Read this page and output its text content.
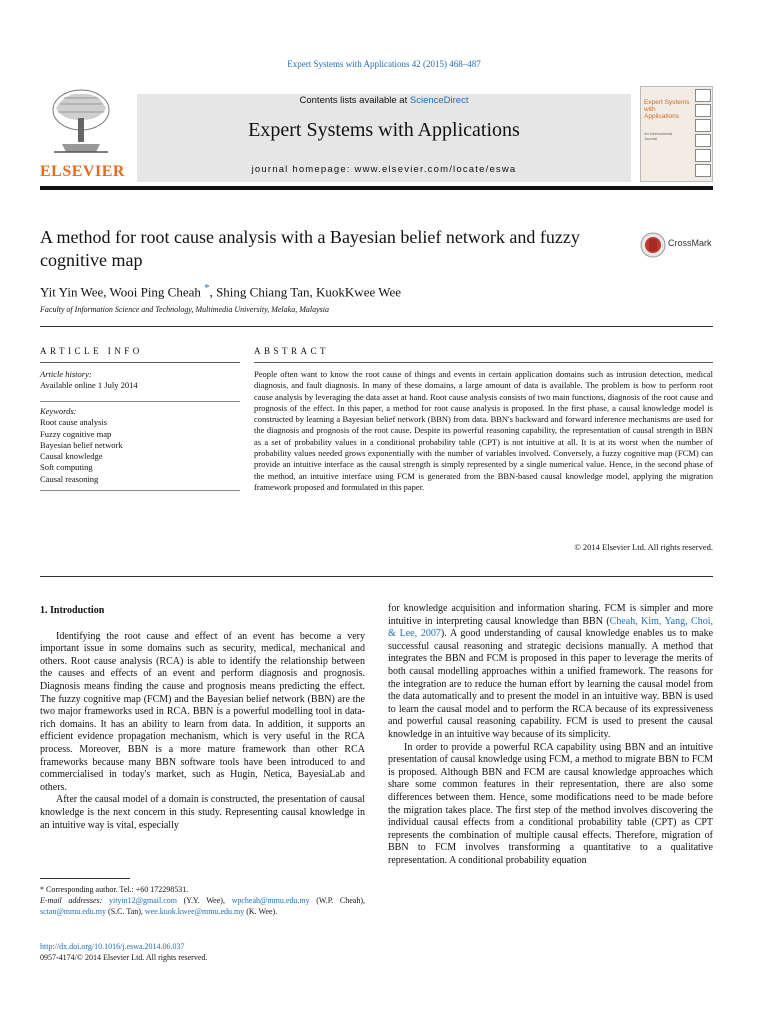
Expert Systems with Applications 42 (2015) 468–487
ELSEVIER
Contents lists available at ScienceDirect
Expert Systems with Applications
journal homepage: www.elsevier.com/locate/eswa
Expert Systems with Applications
An International Journal
A method for root cause analysis with a Bayesian belief network and fuzzy cognitive map
CrossMark
Yit Yin Wee, Wooi Ping Cheah *, Shing Chiang Tan, KuokKwee Wee
Faculty of Information Science and Technology, Multimedia University, Melaka, Malaysia
ARTICLE INFO	ABSTRACT
Article history:
Available online 1 July 2014
Keywords:
Root cause analysis
Fuzzy cognitive map
Bayesian belief network
Causal knowledge
Soft computing
Causal reasoning
People often want to know the root cause of things and events in certain application domains such as intrusion detection, medical diagnosis, and fault diagnosis. In many of these domains, a large amount of data is available. The problem is how to perform root cause analysis by leveraging the data asset at hand. Root cause analysis consists of two main functions, diagnosis of the root cause and prognosis of the effect. In this paper, a method for root cause analysis is proposed. In the first phase, a causal knowledge model is constructed by learning a Bayesian belief network (BBN) from data. BBN's backward and forward inference mechanisms are used for the diagnosis and prognosis of the root cause. Despite its powerful reasoning capability, the representation of causal strength in BBN as a set of probability values in a conditional probability table (CPT) is not intuitive at all. It is at its worst when the number of probability values needed grows exponentially with the number of variables involved. Conversely, a fuzzy cognitive map (FCM) can provide an intuitive interface as the causal strength is simply represented by a single numerical value. Hence, in the second phase of the method, an intuitive interface using FCM is generated from the BBN-based causal knowledge model, applying the migration framework proposed and formulated in this paper.
© 2014 Elsevier Ltd. All rights reserved.
1. Introduction

Identifying the root cause and effect of an event has become a very important issue in some domains such as security, medical, mechanical and others. Root cause analysis (RCA) is able to identify the relationship between the causes and effects of an event and perform diagnosis and prognosis. Diagnosis means finding the cause and prognosis means predicting the effect. The fuzzy cognitive map (FCM) and the Bayesian belief network (BBN) are the two major frameworks used in RCA. BBN is a powerful modelling tool in data-rich domains. It has an ability to learn from data. In addition, it supports an efficient evidence propagation mechanism, which is very useful in the RCA process. Moreover, BBN is a more mature framework than other RCA frameworks because many BBN software tools have been introduced to and commercialised in today's market, such as Hugin, Netica, BayesiaLab and others.

After the causal model of a domain is constructed, the presentation of causal knowledge is the next concern in this study. Representing causal knowledge in an intuitive way is vital, especially

for knowledge acquisition and information sharing. FCM is simpler and more intuitive in interpreting causal knowledge than BBN (Cheah, Kim, Yang, Choi, & Lee, 2007). A good understanding of causal knowledge enables us to make successful causal reasoning and strategic decisions manually. A method that integrates the BBN and FCM is proposed in this paper to leverage the merits of both causal modelling approaches within a unified framework. The reasons for the integration are to reduce the human effort by learning the causal model from the data automatically and to present the model in an intuitive way. BBN is used to learn the causal model and to perform the RCA because of its expressiveness and powerful causal reasoning capability. FCM is used to present the causal knowledge in an intuitive way because of its simplicity.

In order to provide a powerful RCA capability using BBN and an intuitive presentation of causal knowledge using FCM, a method to migrate BBN to FCM is proposed. Although BBN and FCM are causal knowledge approaches which share some common features in their representation, there are also some differences between them. Hence, some modifications need to be made before the migration takes place. The first step of the method involves discovering the individual causal effects from a conditional probability table (CPT) as CPT represents the combination of multiple causal effects. Therefore, migration of BBN to FCM involves transforming a quantitative to a qualitative representation. A conditional probability equation

* Corresponding author. Tel.: +60 172298531.
E-mail addresses: yityin12@gmail.com (Y.Y. Wee), wpcheah@mmu.edu.my (W.P. Cheah), sctan@mmu.edu.my (S.C. Tan), wee.kuok.kwee@mmu.edu.my (K. Wee).
http://dx.doi.org/10.1016/j.eswa.2014.06.037
0957-4174/© 2014 Elsevier Ltd. All rights reserved.
